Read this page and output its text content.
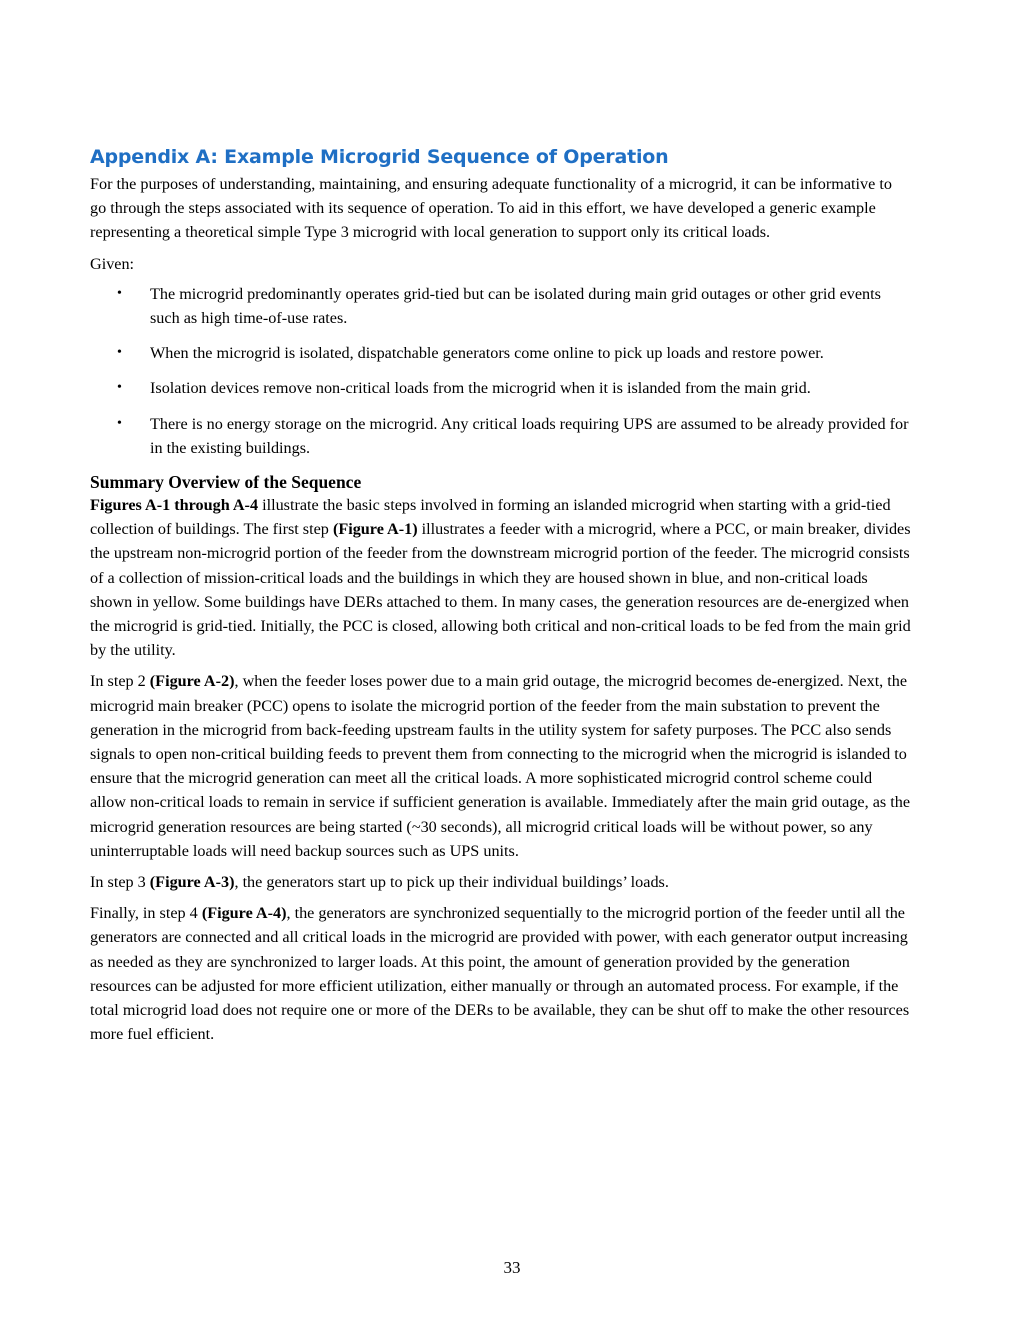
Appendix A: Example Microgrid Sequence of Operation

For the purposes of understanding, maintaining, and ensuring adequate functionality of a microgrid, it can be informative to go through the steps associated with its sequence of operation. To aid in this effort, we have developed a generic example representing a theoretical simple Type 3 microgrid with local generation to support only its critical loads.

Given:

• The microgrid predominantly operates grid-tied but can be isolated during main grid outages or other grid events such as high time-of-use rates.
• When the microgrid is isolated, dispatchable generators come online to pick up loads and restore power.
• Isolation devices remove non-critical loads from the microgrid when it is islanded from the main grid.
• There is no energy storage on the microgrid. Any critical loads requiring UPS are assumed to be already provided for in the existing buildings.
Summary Overview of the Sequence

Figures A-1 through A-4 illustrate the basic steps involved in forming an islanded microgrid when starting with a grid-tied collection of buildings. The first step (Figure A-1) illustrates a feeder with a microgrid, where a PCC, or main breaker, divides the upstream non-microgrid portion of the feeder from the downstream microgrid portion of the feeder. The microgrid consists of a collection of mission-critical loads and the buildings in which they are housed shown in blue, and non-critical loads shown in yellow. Some buildings have DERs attached to them. In many cases, the generation resources are de-energized when the microgrid is grid-tied. Initially, the PCC is closed, allowing both critical and non-critical loads to be fed from the main grid by the utility.

In step 2 (Figure A-2), when the feeder loses power due to a main grid outage, the microgrid becomes de-energized. Next, the microgrid main breaker (PCC) opens to isolate the microgrid portion of the feeder from the main substation to prevent the generation in the microgrid from back-feeding upstream faults in the utility system for safety purposes. The PCC also sends signals to open non-critical building feeds to prevent them from connecting to the microgrid when the microgrid is islanded to ensure that the microgrid generation can meet all the critical loads. A more sophisticated microgrid control scheme could allow non-critical loads to remain in service if sufficient generation is available. Immediately after the main grid outage, as the microgrid generation resources are being started (~30 seconds), all microgrid critical loads will be without power, so any uninterruptable loads will need backup sources such as UPS units.

In step 3 (Figure A-3), the generators start up to pick up their individual buildings’ loads.

Finally, in step 4 (Figure A-4), the generators are synchronized sequentially to the microgrid portion of the feeder until all the generators are connected and all critical loads in the microgrid are provided with power, with each generator output increasing as needed as they are synchronized to larger loads. At this point, the amount of generation provided by the generation resources can be adjusted for more efficient utilization, either manually or through an automated process. For example, if the total microgrid load does not require one or more of the DERs to be available, they can be shut off to make the other resources more fuel efficient.

33
